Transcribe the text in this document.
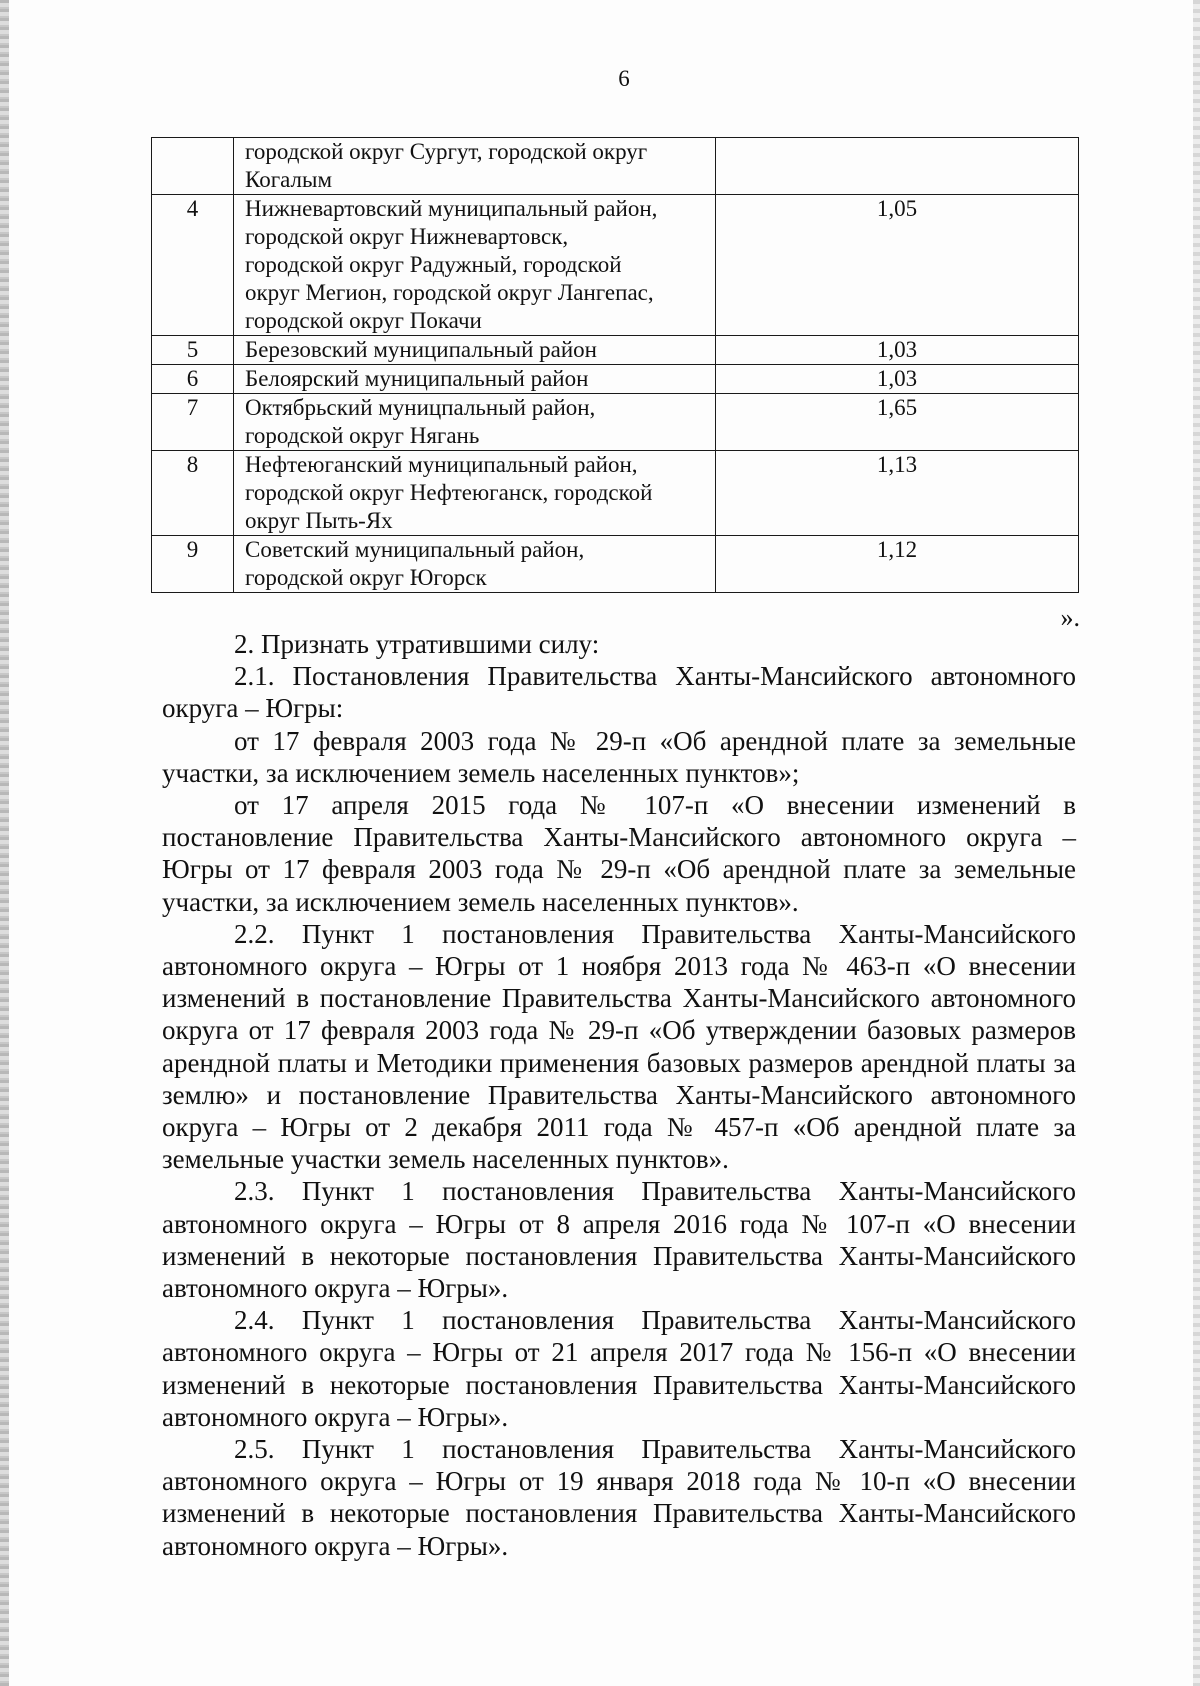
6

	городской округ Сургут, городской округ
Когалым	

4	Нижневартовский муниципальный район,
городской округ Нижневартовск,
городской округ Радужный, городской
округ Мегион, городской округ Лангепас,
городской округ Покачи	1,05
5	Березовский муниципальный район	1,03
6	Белоярский муниципальный район	1,03
7	Октябрьский муницпальный район,
городской округ Нягань	1,65
8	Нефтеюганский муниципальный район,
городской округ Нефтеюганск, городской
округ Пыть-Ях	1,13
9	Советский муниципальный район,
городской округ Югорск	1,12
».

2. Признать утратившими силу:

2.1. Постановления Правительства Ханты-Мансийского автономного округа – Югры:

от 17 февраля 2003 года № 29-п «Об арендной плате за земельные участки, за исключением земель населенных пунктов»;

от 17 апреля 2015 года № 107-п «О внесении изменений в постановление Правительства Ханты-Мансийского автономного округа – Югры от 17 февраля 2003 года № 29-п «Об арендной плате за земельные участки, за исключением земель населенных пунктов».

2.2. Пункт 1 постановления Правительства Ханты-Мансийского автономного округа – Югры от 1 ноября 2013 года № 463-п «О внесении изменений в постановление Правительства Ханты-Мансийского автономного округа от 17 февраля 2003 года № 29-п «Об утверждении базовых размеров арендной платы и Методики применения базовых размеров арендной платы за землю» и постановление Правительства Ханты-Мансийского автономного округа – Югры от 2 декабря 2011 года № 457-п «Об арендной плате за земельные участки земель населенных пунктов».

2.3. Пункт 1 постановления Правительства Ханты-Мансийского автономного округа – Югры от 8 апреля 2016 года № 107-п «О внесении изменений в некоторые постановления Правительства Ханты-Мансийского автономного округа – Югры».

2.4. Пункт 1 постановления Правительства Ханты-Мансийского автономного округа – Югры от 21 апреля 2017 года № 156-п «О внесении изменений в некоторые постановления Правительства Ханты-Мансийского автономного округа – Югры».

2.5. Пункт 1 постановления Правительства Ханты-Мансийского автономного округа – Югры от 19 января 2018 года № 10-п «О внесении изменений в некоторые постановления Правительства Ханты-Мансийского автономного округа – Югры».
